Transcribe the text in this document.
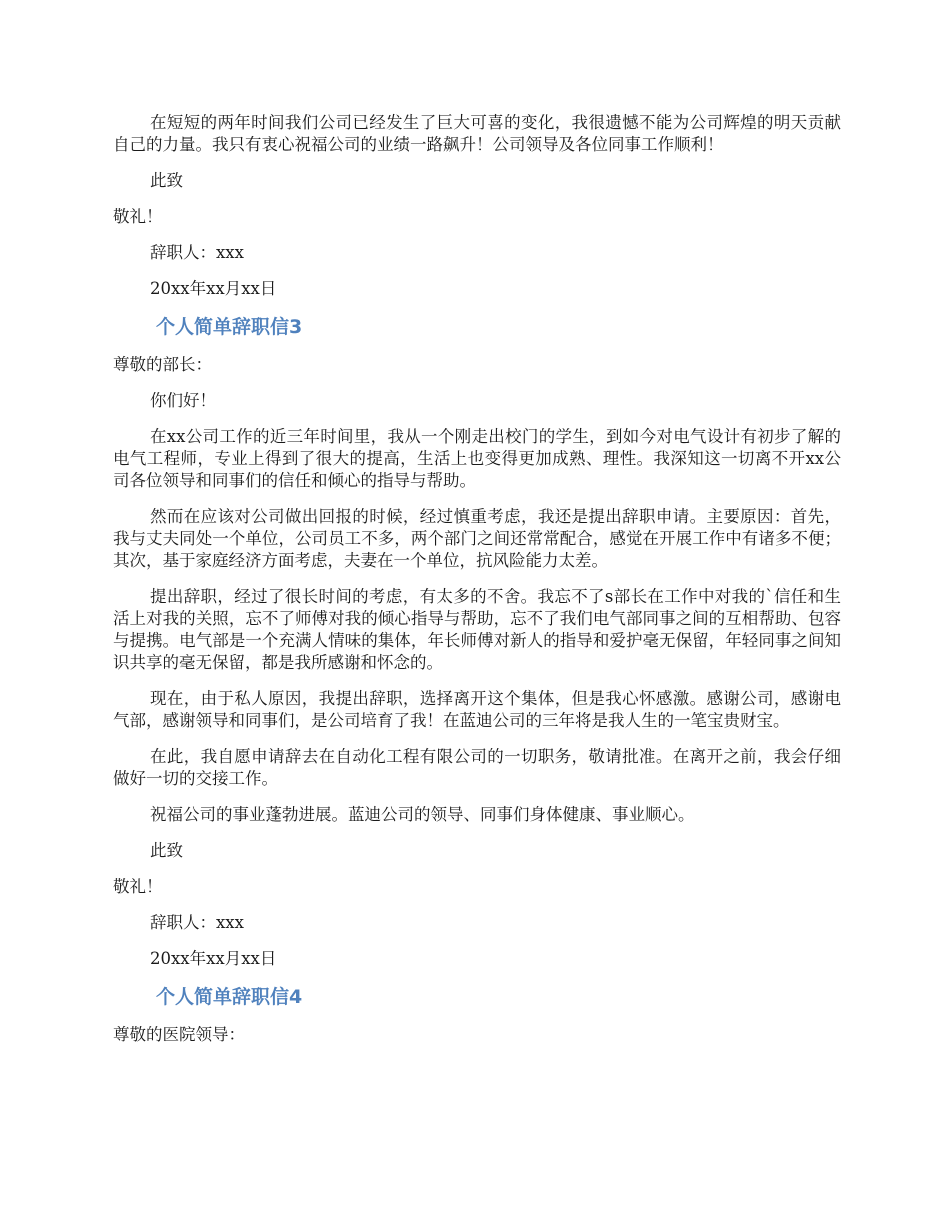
在短短的两年时间我们公司已经发生了巨大可喜的变化，我很遗憾不能为公司辉煌的明天贡献自己的力量。我只有衷心祝福公司的业绩一路飙升！公司领导及各位同事工作顺利！

此致

敬礼！

辞职人：xxx

20xx年xx月xx日

个人简单辞职信3

尊敬的部长：

你们好！

在xx公司工作的近三年时间里，我从一个刚走出校门的学生，到如今对电气设计有初步了解的电气工程师，专业上得到了很大的提高，生活上也变得更加成熟、理性。我深知这一切离不开xx公司各位领导和同事们的信任和倾心的指导与帮助。

然而在应该对公司做出回报的时候，经过慎重考虑，我还是提出辞职申请。主要原因：首先，我与丈夫同处一个单位，公司员工不多，两个部门之间还常常配合，感觉在开展工作中有诸多不便；其次，基于家庭经济方面考虑，夫妻在一个单位，抗风险能力太差。

提出辞职，经过了很长时间的考虑，有太多的不舍。我忘不了s部长在工作中对我的`信任和生活上对我的关照，忘不了师傅对我的倾心指导与帮助，忘不了我们电气部同事之间的互相帮助、包容与提携。电气部是一个充满人情味的集体，年长师傅对新人的指导和爱护毫无保留，年轻同事之间知识共享的毫无保留，都是我所感谢和怀念的。

现在，由于私人原因，我提出辞职，选择离开这个集体，但是我心怀感激。感谢公司，感谢电气部，感谢领导和同事们，是公司培育了我！在蓝迪公司的三年将是我人生的一笔宝贵财宝。

在此，我自愿申请辞去在自动化工程有限公司的一切职务，敬请批准。在离开之前，我会仔细做好一切的交接工作。

祝福公司的事业蓬勃进展。蓝迪公司的领导、同事们身体健康、事业顺心。

此致

敬礼！

辞职人：xxx

20xx年xx月xx日

个人简单辞职信4

尊敬的医院领导：
